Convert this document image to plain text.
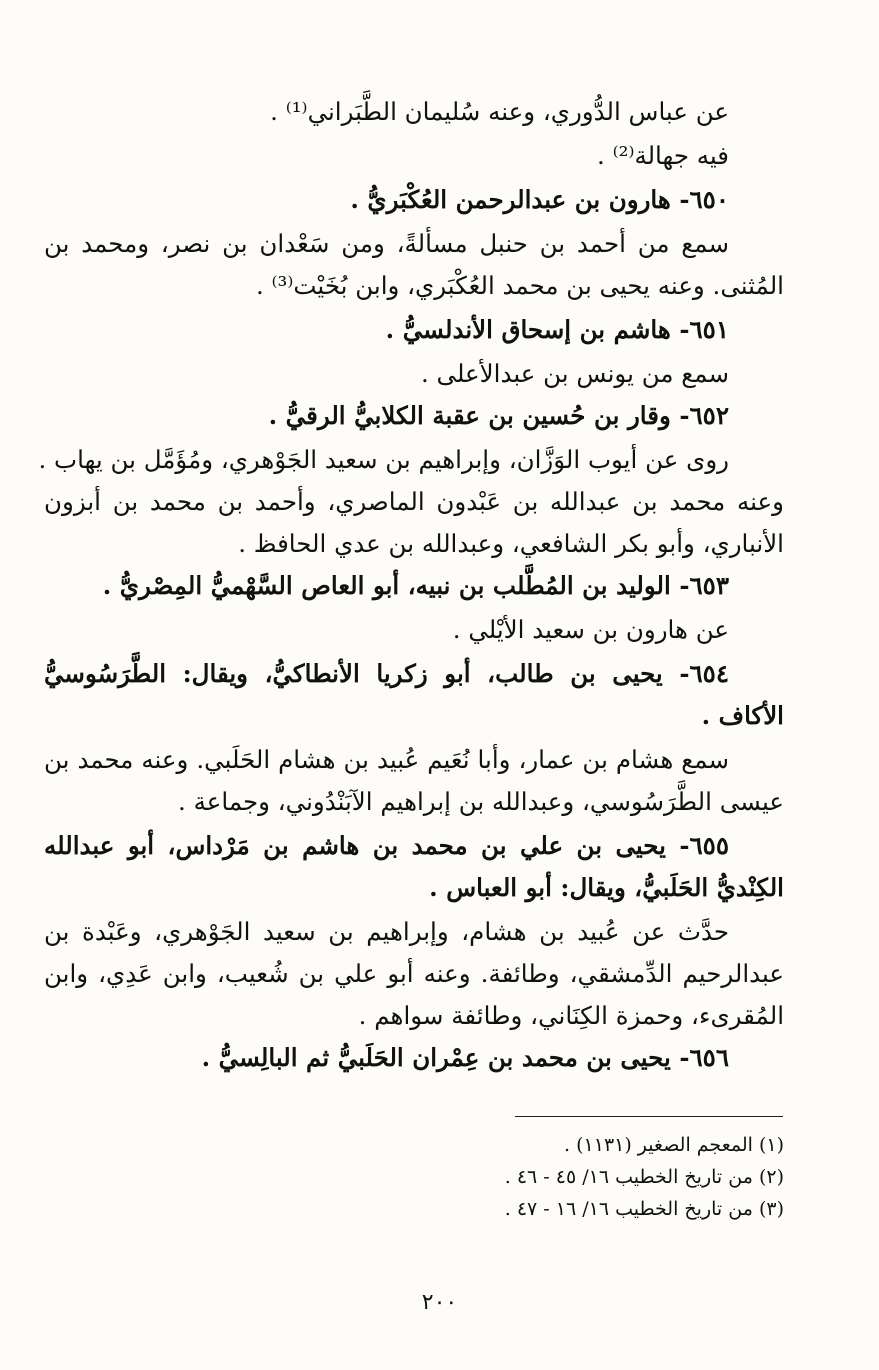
عن عباس الدُّوري، وعنه سُليمان الطَّبَراني⁽¹⁾ .
فيه جهالة⁽²⁾ .
٦٥٠- هارون بن عبدالرحمن العُكْبَريُّ .
سمع من أحمد بن حنبل مسألةً، ومن سَعْدان بن نصر، ومحمد بن
المُثنى. وعنه يحيى بن محمد العُكْبَري، وابن بُخَيْت⁽³⁾ .
٦٥١- هاشم بن إسحاق الأندلسيُّ .
سمع من يونس بن عبدالأعلى .
٦٥٢- وقار بن حُسين بن عقبة الكلابيُّ الرقيُّ .
روى عن أيوب الوَزَّان، وإبراهيم بن سعيد الجَوْهري، ومُؤَمَّل بن يهاب .
وعنه محمد بن عبدالله بن عَبْدون الماصري، وأحمد بن محمد بن أبزون
الأنباري، وأبو بكر الشافعي، وعبدالله بن عدي الحافظ .
٦٥٣- الوليد بن المُطَّلب بن نبيه، أبو العاص السَّهْميُّ المِصْريُّ .
عن هارون بن سعيد الأيْلي .
٦٥٤- يحيى بن طالب، أبو زكريا الأنطاكيُّ، ويقال: الطَّرَسُوسيُّ
الأكاف .
سمع هشام بن عمار، وأبا نُعَيم عُبيد بن هشام الحَلَبي. وعنه محمد بن
عيسى الطَّرَسُوسي، وعبدالله بن إبراهيم الآبَنْدُوني، وجماعة .
٦٥٥- يحيى بن علي بن محمد بن هاشم بن مَرْداس، أبو عبدالله
الكِنْديُّ الحَلَبيُّ، ويقال: أبو العباس .
حدَّث عن عُبيد بن هشام، وإبراهيم بن سعيد الجَوْهري، وعَبْدة بن
عبدالرحيم الدِّمشقي، وطائفة. وعنه أبو علي بن شُعيب، وابن عَدِي، وابن
المُقرىء، وحمزة الكِنَاني، وطائفة سواهم .
٦٥٦- يحيى بن محمد بن عِمْران الحَلَبيُّ ثم البالِسيُّ .
(١) المعجم الصغير (١١٣١) .
(٢) من تاريخ الخطيب ١٦/ ٤٥ - ٤٦ .
(٣) من تاريخ الخطيب ١٦/ ١٦ - ٤٧ .
٢٠٠
